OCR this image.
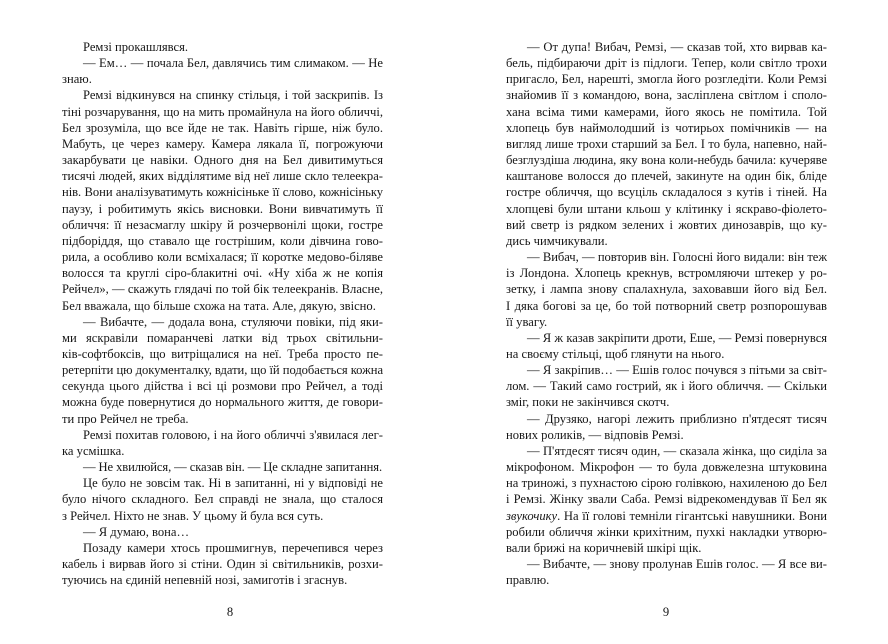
Ремзі прокашлявся.
— Ем… — почала Бел, давлячись тим слимаком. — Не
знаю.
Ремзі відкинувся на спинку стільця, і той заскрипів. Із
тіні розчарування, що на мить промайнула на його обличчі,
Бел зрозуміла, що все йде не так. Навіть гірше, ніж було.
Мабуть, це через камеру. Камера лякала її, погрожуючи
закарбувати це навіки. Одного дня на Бел дивитимуться
тисячі людей, яких відділятиме від неї лише скло телеекра-
нів. Вони аналізуватимуть кожнісіньке її слово, кожнісіньку
паузу, і робитимуть якісь висновки. Вони вивчатимуть її
обличчя: її незасмаглу шкіру й розчервонілі щоки, гостре
підборіддя, що ставало ще гострішим, коли дівчина гово-
рила, а особливо коли всміхалася; її коротке медово-біляве
волосся та круглі сіро-блакитні очі. «Ну хіба ж не копія
Рейчел», — скажуть глядачі по той бік телеекранів. Власне,
Бел вважала, що більше схожа на тата. Але, дякую, звісно.
— Вибачте, — додала вона, стуляючи повіки, під яки-
ми яскравіли помаранчеві латки від трьох світильни-
ків-софтбоксів, що витріщалися на неї. Треба просто пе-
ретерпіти цю документалку, вдати, що їй подобається кожна
секунда цього дійства і всі ці розмови про Рейчел, а тоді
можна буде повернутися до нормального життя, де говори-
ти про Рейчел не треба.
Ремзі похитав головою, і на його обличчі з'явилася лег-
ка усмішка.
— Не хвилюйся, — сказав він. — Це складне запитання.
Це було не зовсім так. Ні в запитанні, ні у відповіді не
було нічого складного. Бел справді не знала, що сталося
з Рейчел. Ніхто не знав. У цьому й була вся суть.
— Я думаю, вона…
Позаду камери хтось прошмигнув, перечепився через
кабель і вирвав його зі стіни. Один зі світильників, розхи-
туючись на єдиній непевній нозі, замиготів і згаснув.
8
— От дупа! Вибач, Ремзі, — сказав той, хто вирвав ка-
бель, підбираючи дріт із підлоги. Тепер, коли світло трохи
пригасло, Бел, нарешті, змогла його розгледіти. Коли Ремзі
знайомив її з командою, вона, засліплена світлом і споло-
хана всіма тими камерами, його якось не помітила. Той
хлопець був наймолодший із чотирьох помічників — на
вигляд лише трохи старший за Бел. І то була, напевно, най-
безглуздіша людина, яку вона коли-небудь бачила: кучеряве
каштанове волосся до плечей, закинуте на один бік, бліде
гостре обличчя, що всуціль складалося з кутів і тіней. На
хлопцеві були штани кльош у клітинку і яскраво-фіолето-
вий светр із рядком зелених і жовтих динозаврів, що ку-
дись чимчикували.
— Вибач, — повторив він. Голосні його видали: він теж
із Лондона. Хлопець крекнув, встромляючи штекер у ро-
зетку, і лампа знову спалахнула, заховавши його від Бел.
І дяка богові за це, бо той потворний светр розпорошував
її увагу.
— Я ж казав закріпити дроти, Еше, — Ремзі повернувся
на своєму стільці, щоб глянути на нього.
— Я закріпив… — Ешів голос почувся з пітьми за світ-
лом. — Такий само гострий, як і його обличчя. — Скільки
зміг, поки не закінчився скотч.
— Друзяко, нагорі лежить приблизно п'ятдесят тисяч
нових роликів, — відповів Ремзі.
— П'ятдесят тисяч один, — сказала жінка, що сиділа за
мікрофоном. Мікрофон — то була довжелезна штуковина
на триножі, з пухнастою сірою голівкою, нахиленою до Бел
і Ремзі. Жінку звали Саба. Ремзі відрекомендував її Бел як
звукочику. На її голові темніли гігантські навушники. Вони
робили обличчя жінки крихітним, пухкі накладки утворю-
вали брижі на коричневій шкірі щік.
— Вибачте, — знову пролунав Ешів голос. — Я все ви-
правлю.
9
